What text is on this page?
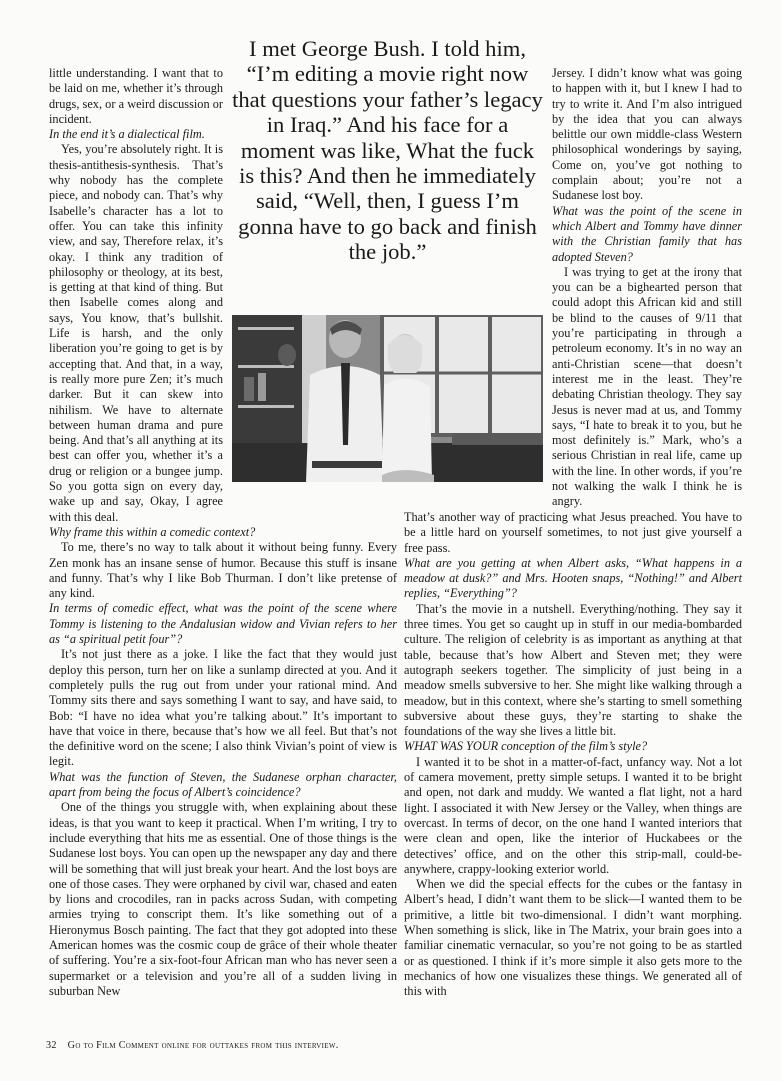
little understanding. I want that to be laid on me, whether it’s through drugs, sex, or a weird discussion or incident.

In the end it’s a dialectical film.

Yes, you’re absolutely right. It is thesis-antithesis-synthesis. That’s why nobody has the complete piece, and nobody can. That’s why Isabelle’s character has a lot to offer. You can take this infinity view, and say, Therefore relax, it’s okay. I think any tradition of philosophy or theology, at its best, is getting at that kind of thing. But then Isabelle comes along and says, You know, that’s bullshit. Life is harsh, and the only liberation you’re going to get is by accepting that. And that, in a way, is really more pure Zen; it’s much darker. But it can skew into nihilism. We have to alternate between human drama and pure being. And that’s all anything at its best can offer you, whether it’s a drug or religion or a bungee jump. So you gotta sign on every day, wake up and say, Okay, I agree with this deal.

I met George Bush. I told him, “I’m editing a movie right now that questions your father’s legacy in Iraq.” And his face for a moment was like, What the fuck is this? And then he immediately said, “Well, then, I guess I’m gonna have to go back and finish the job.”

Jersey. I didn’t know what was going to happen with it, but I knew I had to try to write it. And I’m also intrigued by the idea that you can always belittle our own middle-class Western philosophical wonderings by saying, Come on, you’ve got nothing to complain about; you’re not a Sudanese lost boy.

What was the point of the scene in which Albert and Tommy have dinner with the Christian family that has adopted Steven?

I was trying to get at the irony that you can be a bighearted person that could adopt this African kid and still be blind to the causes of 9/11 that you’re participating in through a petroleum economy. It’s in no way an anti-Christian scene—that doesn’t interest me in the least. They’re debating Christian theology. They say Jesus is never mad at us, and Tommy says, “I hate to break it to you, but he most definitely is.” Mark, who’s a serious Christian in real life, came up with the line. In other words, if you’re not walking the walk I think he is angry.

Why frame this within a comedic context?

To me, there’s no way to talk about it without being funny. Every Zen monk has an insane sense of humor. Because this stuff is insane and funny. That’s why I like Bob Thurman. I don’t like pretense of any kind.

In terms of comedic effect, what was the point of the scene where Tommy is listening to the Andalusian widow and Vivian refers to her as “a spiritual petit four”?

It’s not just there as a joke. I like the fact that they would just deploy this person, turn her on like a sunlamp directed at you. And it completely pulls the rug out from under your rational mind. And Tommy sits there and says something I want to say, and have said, to Bob: “I have no idea what you’re talking about.” It’s important to have that voice in there, because that’s how we all feel. But that’s not the definitive word on the scene; I also think Vivian’s point of view is legit.

What was the function of Steven, the Sudanese orphan character, apart from being the focus of Albert’s coincidence?

One of the things you struggle with, when explaining about these ideas, is that you want to keep it practical. When I’m writing, I try to include everything that hits me as essential. One of those things is the Sudanese lost boys. You can open up the newspaper any day and there will be something that will just break your heart. And the lost boys are one of those cases. They were orphaned by civil war, chased and eaten by lions and crocodiles, ran in packs across Sudan, with competing armies trying to conscript them. It’s like something out of a Hieronymus Bosch painting. The fact that they got adopted into these American homes was the cosmic coup de grâce of their whole theater of suffering. You’re a six-foot-four African man who has never seen a supermarket or a television and you’re all of a sudden living in suburban New

That’s another way of practicing what Jesus preached. You have to be a little hard on yourself sometimes, to not just give yourself a free pass.

What are you getting at when Albert asks, “What happens in a meadow at dusk?” and Mrs. Hooten snaps, “Nothing!” and Albert replies, “Everything”?

That’s the movie in a nutshell. Everything/nothing. They say it three times. You get so caught up in stuff in our media-bombarded culture. The religion of celebrity is as important as anything at that table, because that’s how Albert and Steven met; they were autograph seekers together. The simplicity of just being in a meadow smells subversive to her. She might like walking through a meadow, but in this context, where she’s starting to smell something subversive about these guys, they’re starting to shake the foundations of the way she lives a little bit.

WHAT WAS YOUR conception of the film’s style?

I wanted it to be shot in a matter-of-fact, unfancy way. Not a lot of camera movement, pretty simple setups. I wanted it to be bright and open, not dark and muddy. We wanted a flat light, not a hard light. I associated it with New Jersey or the Valley, when things are overcast. In terms of decor, on the one hand I wanted interiors that were clean and open, like the interior of Huckabees or the detectives’ office, and on the other this strip-mall, could-be-anywhere, crappy-looking exterior world.

When we did the special effects for the cubes or the fantasy in Albert’s head, I didn’t want them to be slick—I wanted them to be primitive, a little bit two-dimensional. I didn’t want morphing. When something is slick, like in The Matrix, your brain goes into a familiar cinematic vernacular, so you’re not going to be as startled or as questioned. I think if it’s more simple it also gets more to the mechanics of how one visualizes these things. We generated all of this with

32 Go to Film Comment online for outtakes from this interview.
